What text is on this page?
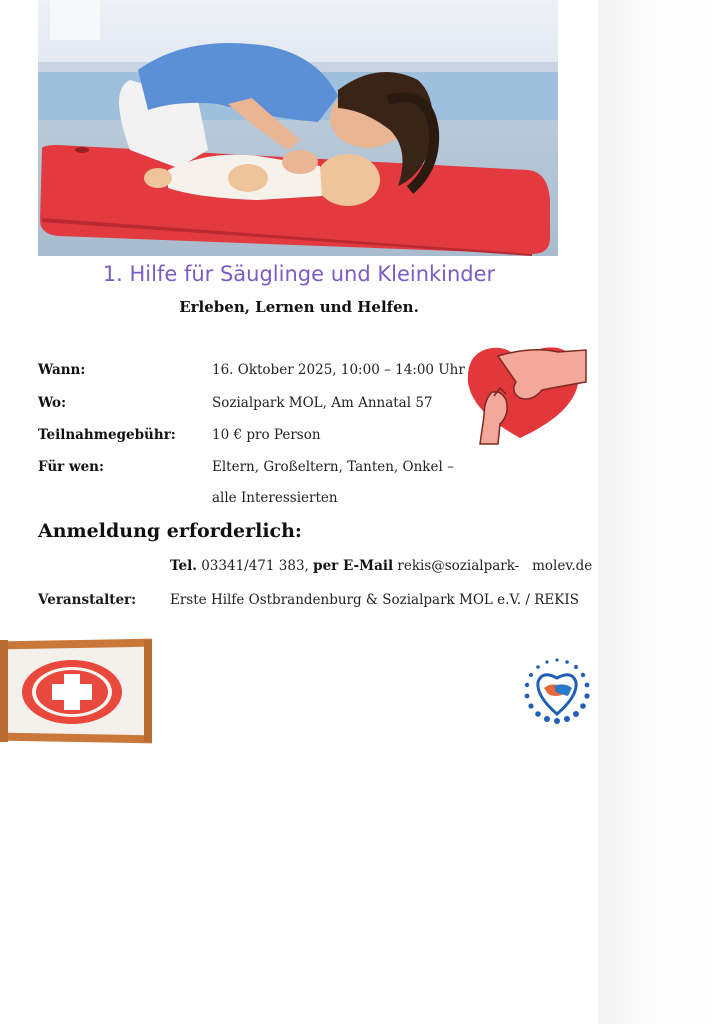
1. Hilfe für Säuglinge und Kleinkinder
Erleben, Lernen und Helfen.
Wann:	16. Oktober 2025, 10:00 – 14:00 Uhr
Wo:	Sozialpark MOL, Am Annatal 57
Teilnahmegebühr:	10 € pro Person
Für wen:	Eltern, Großeltern, Tanten, Onkel –
alle Interessierten
Anmeldung erforderlich:
Tel. 03341/471 383, per E-Mail rekis@sozialpark-   molev.de
Veranstalter:	Erste Hilfe Ostbrandenburg & Sozialpark MOL e.V. / REKIS
